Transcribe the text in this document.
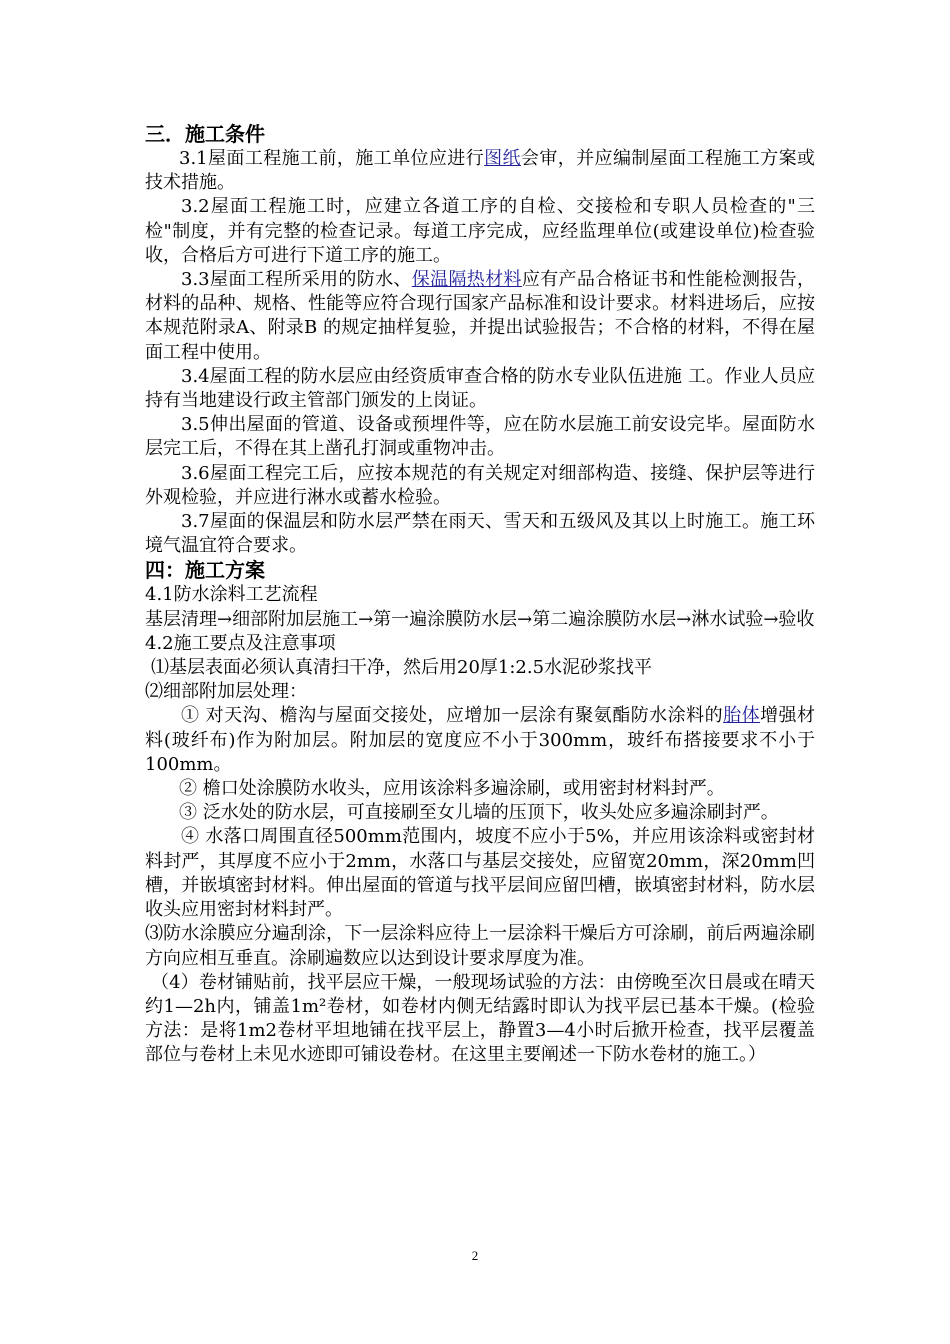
三．施工条件

3.1屋面工程施工前，施工单位应进行图纸会审，并应编制屋面工程施工方案或技术措施。

3.2屋面工程施工时，应建立各道工序的自检、交接检和专职人员检查的"三检"制度，并有完整的检查记录。每道工序完成，应经监理单位(或建设单位)检查验收，合格后方可进行下道工序的施工。

3.3屋面工程所采用的防水、保温隔热材料应有产品合格证书和性能检测报告，材料的品种、规格、性能等应符合现行国家产品标准和设计要求。材料进场后，应按本规范附录A、附录B 的规定抽样复验，并提出试验报告；不合格的材料，不得在屋面工程中使用。

3.4屋面工程的防水层应由经资质审查合格的防水专业队伍进施 工。作业人员应持有当地建设行政主管部门颁发的上岗证。

3.5伸出屋面的管道、设备或预埋件等，应在防水层施工前安设完毕。屋面防水层完工后，不得在其上凿孔打洞或重物冲击。

3.6屋面工程完工后，应按本规范的有关规定对细部构造、接缝、保护层等进行外观检验，并应进行淋水或蓄水检验。

3.7屋面的保温层和防水层严禁在雨天、雪天和五级风及其以上时施工。施工环境气温宜符合要求。

四：施工方案

4.1防水涂料工艺流程

基层清理→细部附加层施工→第一遍涂膜防水层→第二遍涂膜防水层→淋水试验→验收

4.2施工要点及注意事项

⑴基层表面必须认真清扫干净，然后用20厚1:2.5水泥砂浆找平

⑵细部附加层处理：

① 对天沟、檐沟与屋面交接处，应增加一层涂有聚氨酯防水涂料的胎体增强材料(玻纤布)作为附加层。附加层的宽度应不小于300mm，玻纤布搭接要求不小于100mm。

② 檐口处涂膜防水收头，应用该涂料多遍涂刷，或用密封材料封严。

③ 泛水处的防水层，可直接刷至女儿墙的压顶下，收头处应多遍涂刷封严。

④ 水落口周围直径500mm范围内，坡度不应小于5%，并应用该涂料或密封材料封严，其厚度不应小于2mm，水落口与基层交接处，应留宽20mm，深20mm凹槽，并嵌填密封材料。伸出屋面的管道与找平层间应留凹槽，嵌填密封材料，防水层收头应用密封材料封严。

⑶防水涂膜应分遍刮涂，下一层涂料应待上一层涂料干燥后方可涂刷，前后两遍涂刷方向应相互垂直。涂刷遍数应以达到设计要求厚度为准。

（4）卷材铺贴前，找平层应干燥，一般现场试验的方法：由傍晚至次日晨或在晴天约1—2h内，铺盖1m²卷材，如卷材内侧无结露时即认为找平层已基本干燥。(检验方法：是将1m2卷材平坦地铺在找平层上，静置3—4小时后掀开检查，找平层覆盖部位与卷材上未见水迹即可铺设卷材。在这里主要阐述一下防水卷材的施工。）

2
